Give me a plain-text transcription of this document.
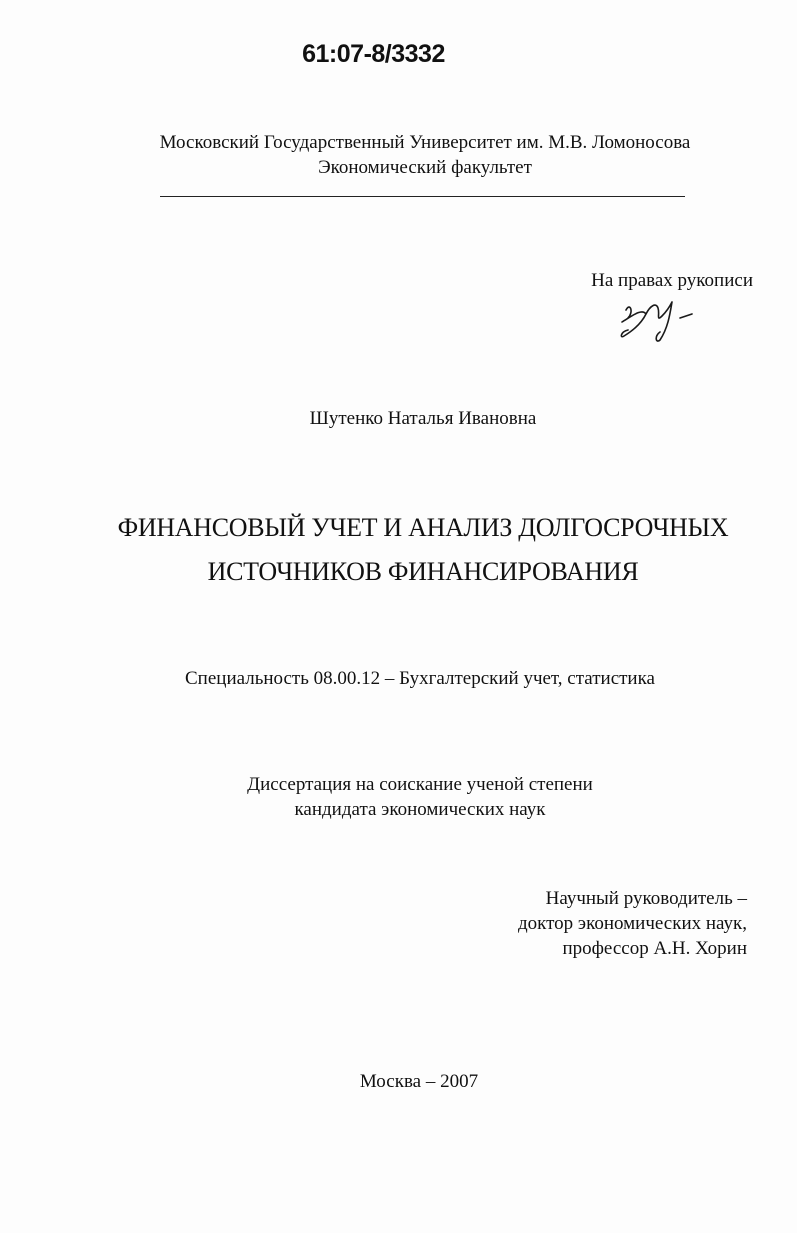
61:07-8/3332
Московский Государственный Университет им. М.В. Ломоносова
Экономический факультет
На правах рукописи
Шутенко Наталья Ивановна
ФИНАНСОВЫЙ УЧЕТ И АНАЛИЗ ДОЛГОСРОЧНЫХ
ИСТОЧНИКОВ ФИНАНСИРОВАНИЯ
Специальность 08.00.12 – Бухгалтерский учет, статистика
Диссертация на соискание ученой степени
кандидата экономических наук
Научный руководитель –
доктор экономических наук,
профессор А.Н. Хорин
Москва – 2007
